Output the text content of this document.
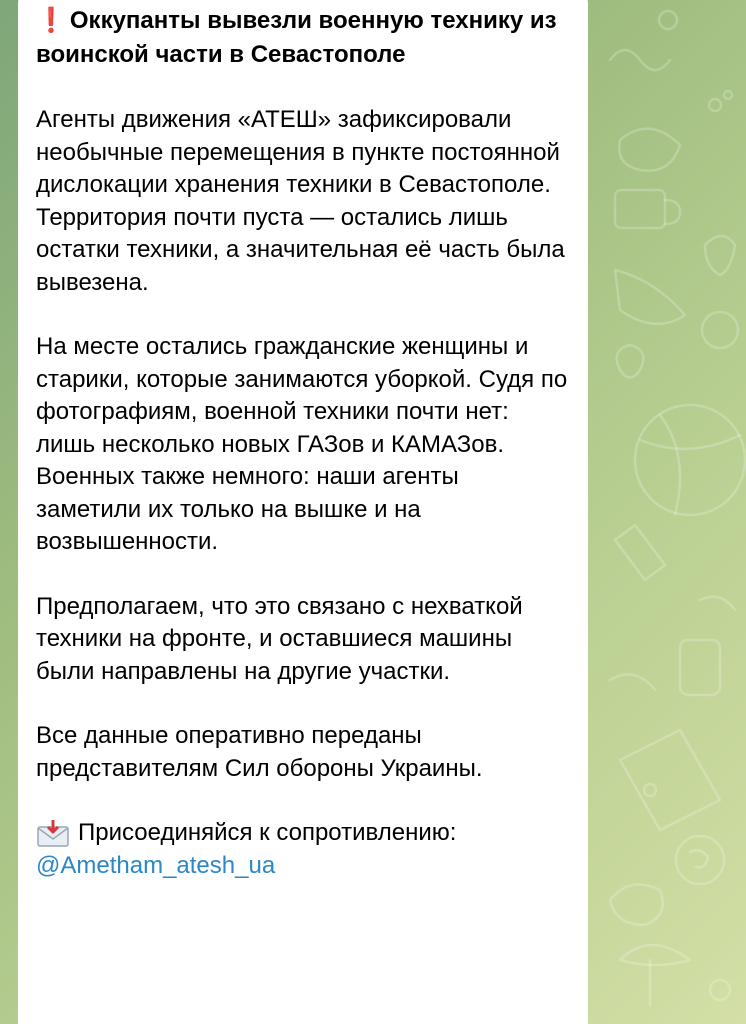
❗ Оккупанты вывезли военную технику из воинской части в Севастополе
Агенты движения «АТЕШ» зафиксировали необычные перемещения в пункте постоянной дислокации хранения техники в Севастополе. Территория почти пуста — остались лишь остатки техники, а значительная её часть была вывезена.
На месте остались гражданские женщины и старики, которые занимаются уборкой. Судя по фотографиям, военной техники почти нет: лишь несколько новых ГАЗов и КАМАЗов. Военных также немного: наши агенты заметили их только на вышке и на возвышенности.
Предполагаем, что это связано с нехваткой техники на фронте, и оставшиеся машины были направлены на другие участки.
Все данные оперативно переданы представителям Сил обороны Украины.
Присоединяйся к сопротивлению:
@Ametham_atesh_ua
